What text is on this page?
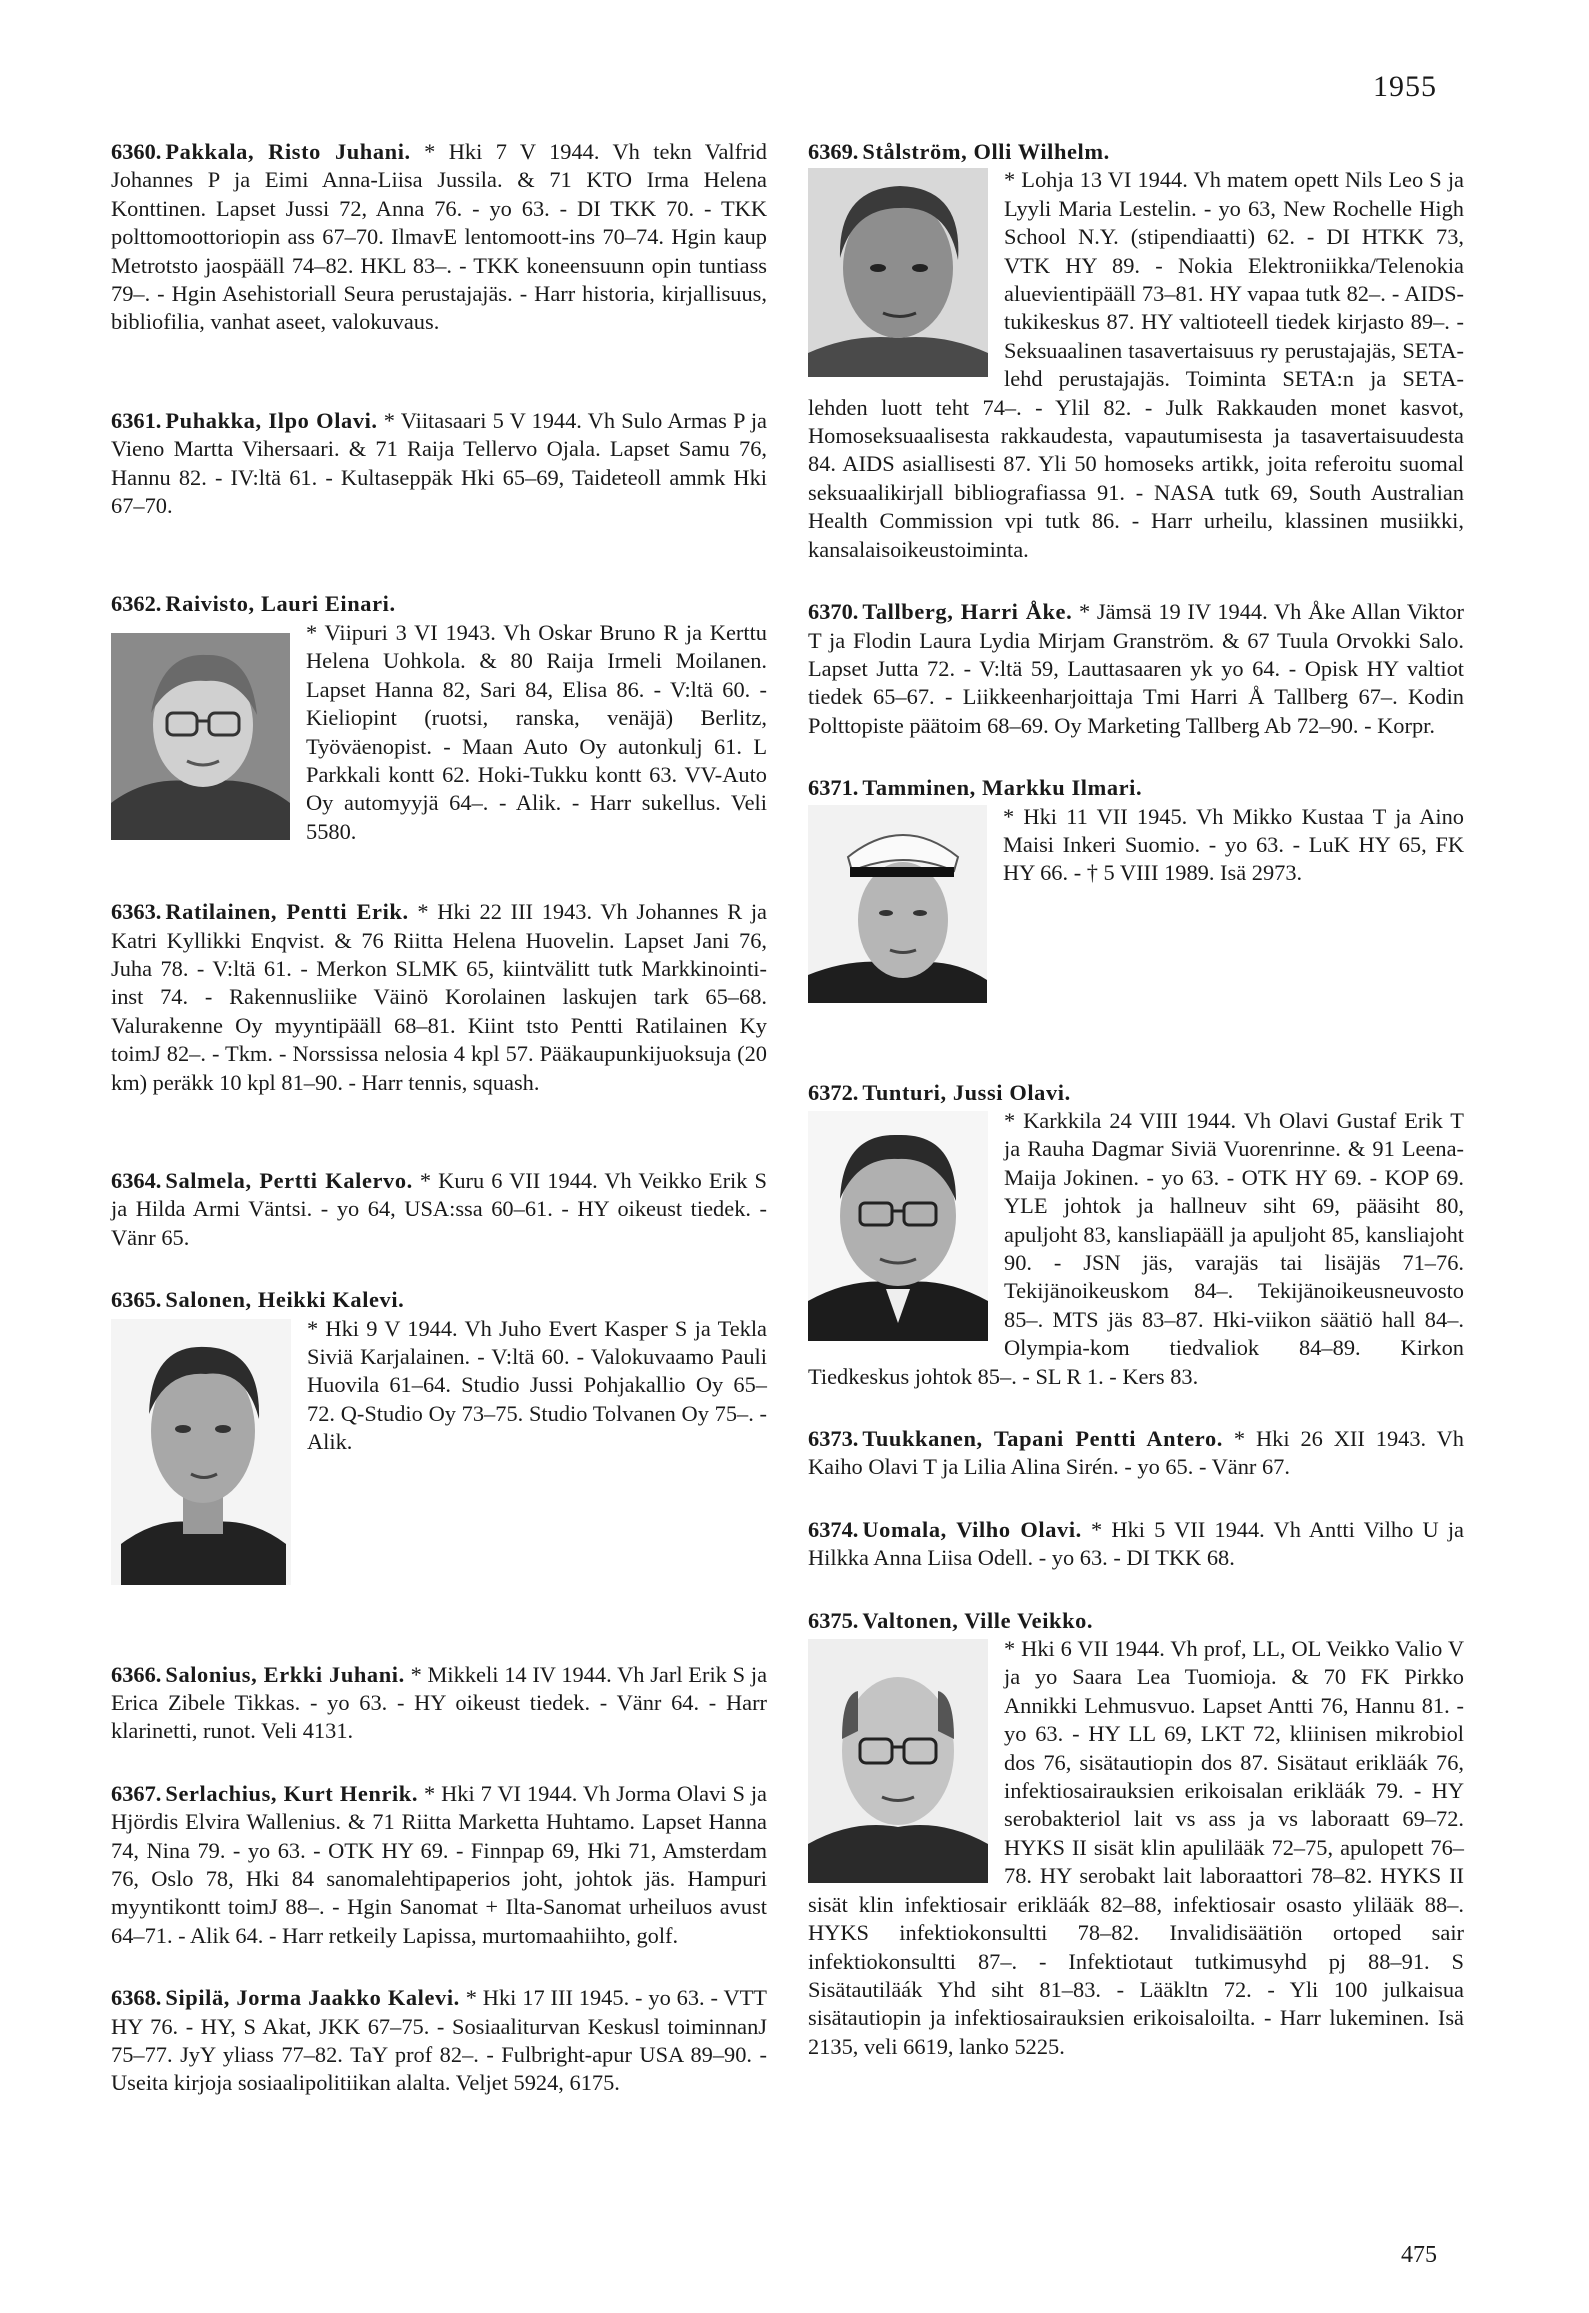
1955

6360. Pakkala, Risto Juhani. * Hki 7 V 1944. Vh tekn Valfrid Johannes P ja Eimi Anna-Liisa Jussila. & 71 KTO Irma Helena Konttinen. Lapset Jussi 72, Anna 76. - yo 63. - DI TKK 70. - TKK polttomoottoriopin ass 67–70. IlmavE lentomoott-ins 70–74. Hgin kaup Metrotsto jaospääll 74–82. HKL 83–. - TKK koneensuunn opin tuntiass 79–. - Hgin Asehistoriall Seura perustajajäs. - Harr historia, kirjallisuus, bibliofilia, vanhat aseet, valokuvaus.

6361. Puhakka, Ilpo Olavi. * Viitasaari 5 V 1944. Vh Sulo Armas P ja Vieno Martta Vihersaari. & 71 Raija Tellervo Ojala. Lapset Samu 76, Hannu 82. - IV:ltä 61. - Kultaseppäk Hki 65–69, Taideteoll ammk Hki 67–70.

6362. Raivisto, Lauri Einari.
* Viipuri 3 VI 1943. Vh Oskar Bruno R ja Kerttu Helena Uohkola. & 80 Raija Irmeli Moilanen. Lapset Hanna 82, Sari 84, Elisa 86. - V:ltä 60. - Kieliopint (ruotsi, ranska, venäjä) Berlitz, Työväenopist. - Maan Auto Oy autonkulj 61. L Parkkali kontt 62. Hoki-Tukku kontt 63. VV-Auto Oy automyyjä 64–. - Alik. - Harr sukellus. Veli 5580.

6363. Ratilainen, Pentti Erik. * Hki 22 III 1943. Vh Johannes R ja Katri Kyllikki Enqvist. & 76 Riitta Helena Huovelin. Lapset Jani 76, Juha 78. - V:ltä 61. - Merkon SLMK 65, kiintvälitt tutk Markkinointi-inst 74. - Rakennusliike Väinö Korolainen laskujen tark 65–68. Valurakenne Oy myyntipääll 68–81. Kiint tsto Pentti Ratilainen Ky toimJ 82–. - Tkm. - Norssissa nelosia 4 kpl 57. Pääkaupunkijuoksuja (20 km) peräkk 10 kpl 81–90. - Harr tennis, squash.

6364. Salmela, Pertti Kalervo. * Kuru 6 VII 1944. Vh Veikko Erik S ja Hilda Armi Väntsi. - yo 64, USA:ssa 60–61. - HY oikeust tiedek. - Vänr 65.

6365. Salonen, Heikki Kalevi.
* Hki 9 V 1944. Vh Juho Evert Kasper S ja Tekla Siviä Karjalainen. - V:ltä 60. - Valokuvaamo Pauli Huovila 61–64. Studio Jussi Pohjakallio Oy 65–72. Q-Studio Oy 73–75. Studio Tolvanen Oy 75–. - Alik.

6366. Salonius, Erkki Juhani. * Mikkeli 14 IV 1944. Vh Jarl Erik S ja Erica Zibele Tikkas. - yo 63. - HY oikeust tiedek. - Vänr 64. - Harr klarinetti, runot. Veli 4131.

6367. Serlachius, Kurt Henrik. * Hki 7 VI 1944. Vh Jorma Olavi S ja Hjördis Elvira Wallenius. & 71 Riitta Marketta Huhtamo. Lapset Hanna 74, Nina 79. - yo 63. - OTK HY 69. - Finnpap 69, Hki 71, Amsterdam 76, Oslo 78, Hki 84 sanomalehtipaperios joht, johtok jäs. Hampuri myyntikontt toimJ 88–. - Hgin Sanomat + Ilta-Sanomat urheiluos avust 64–71. - Alik 64. - Harr retkeily Lapissa, murtomaahiihto, golf.

6368. Sipilä, Jorma Jaakko Kalevi. * Hki 17 III 1945. - yo 63. - VTT HY 76. - HY, S Akat, JKK 67–75. - Sosiaaliturvan Keskusl toiminnanJ 75–77. JyY yliass 77–82. TaY prof 82–. - Fulbright-apur USA 89–90. - Useita kirjoja sosiaalipolitiikan alalta. Veljet 5924, 6175.

6369. Stålström, Olli Wilhelm.
* Lohja 13 VI 1944. Vh matem opett Nils Leo S ja Lyyli Maria Lestelin. - yo 63, New Rochelle High School N.Y. (stipendiaatti) 62. - DI HTKK 73, VTK HY 89. - Nokia Elektroniikka/Telenokia aluevientipääll 73–81. HY vapaa tutk 82–. - AIDS-tukikeskus 87. HY valtioteell tiedek kirjasto 89–. - Seksuaalinen tasavertaisuus ry perustajajäs, SETA-lehd perustajajäs. Toiminta SETA:n ja SETA-lehden luott teht 74–. - Ylil 82. - Julk Rakkauden monet kasvot, Homoseksuaalisesta rakkaudesta, vapautumisesta ja tasavertaisuudesta 84. AIDS asiallisesti 87. Yli 50 homoseks artikk, joita referoitu suomal seksuaalikirjall bibliografiassa 91. - NASA tutk 69, South Australian Health Commission vpi tutk 86. - Harr urheilu, klassinen musiikki, kansalaisoikeustoiminta.

6370. Tallberg, Harri Åke. * Jämsä 19 IV 1944. Vh Åke Allan Viktor T ja Flodin Laura Lydia Mirjam Granström. & 67 Tuula Orvokki Salo. Lapset Jutta 72. - V:ltä 59, Lauttasaaren yk yo 64. - Opisk HY valtiot tiedek 65–67. - Liikkeenharjoittaja Tmi Harri Å Tallberg 67–. Kodin Polttopiste päätoim 68–69. Oy Marketing Tallberg Ab 72–90. - Korpr.

6371. Tamminen, Markku Ilmari.
* Hki 11 VII 1945. Vh Mikko Kustaa T ja Aino Maisi Inkeri Suomio. - yo 63. - LuK HY 65, FK HY 66. - † 5 VIII 1989. Isä 2973.
6372. Tunturi, Jussi Olavi.
* Karkkila 24 VIII 1944. Vh Olavi Gustaf Erik T ja Rauha Dagmar Siviä Vuorenrinne. & 91 Leena-Maija Jokinen. - yo 63. - OTK HY 69. - KOP 69. YLE johtok ja hallneuv siht 69, pääsiht 80, apuljoht 83, kansliapääll ja apuljoht 85, kansliajoht 90. - JSN jäs, varajäs tai lisäjäs 71–76. Tekijänoikeuskom 84–. Tekijänoikeusneuvosto 85–. MTS jäs 83–87. Hki-viikon säätiö hall 84–. Olympia-kom tiedvaliok 84–89. Kirkon Tiedkeskus johtok 85–. - SL R 1. - Kers 83.

6373. Tuukkanen, Tapani Pentti Antero. * Hki 26 XII 1943. Vh Kaiho Olavi T ja Lilia Alina Sirén. - yo 65. - Vänr 67.

6374. Uomala, Vilho Olavi. * Hki 5 VII 1944. Vh Antti Vilho U ja Hilkka Anna Liisa Odell. - yo 63. - DI TKK 68.

6375. Valtonen, Ville Veikko.
* Hki 6 VII 1944. Vh prof, LL, OL Veikko Valio V ja yo Saara Lea Tuomioja. & 70 FK Pirkko Annikki Lehmusvuo. Lapset Antti 76, Hannu 81. - yo 63. - HY LL 69, LKT 72, kliinisen mikrobiol dos 76, sisätautiopin dos 87. Sisätaut erikläák 76, infektiosairauksien erikoisalan erikläák 79. - HY serobakteriol lait vs ass ja vs laboraatt 69–72. HYKS II sisät klin apulilääk 72–75, apulopett 76–78. HY serobakt lait laboraattori 78–82. HYKS II sisät klin infektiosair erikläák 82–88, infektiosair osasto ylilääk 88–. HYKS infektiokonsultti 78–82. Invalidisäätiön ortoped sair infektiokonsultti 87–. - Infektiotaut tutkimusyhd pj 88–91. S Sisätautiläák Yhd siht 81–83. - Lääkltn 72. - Yli 100 julkaisua sisätautiopin ja infektiosairauksien erikoisaloilta. - Harr lukeminen. Isä 2135, veli 6619, lanko 5225.
475
